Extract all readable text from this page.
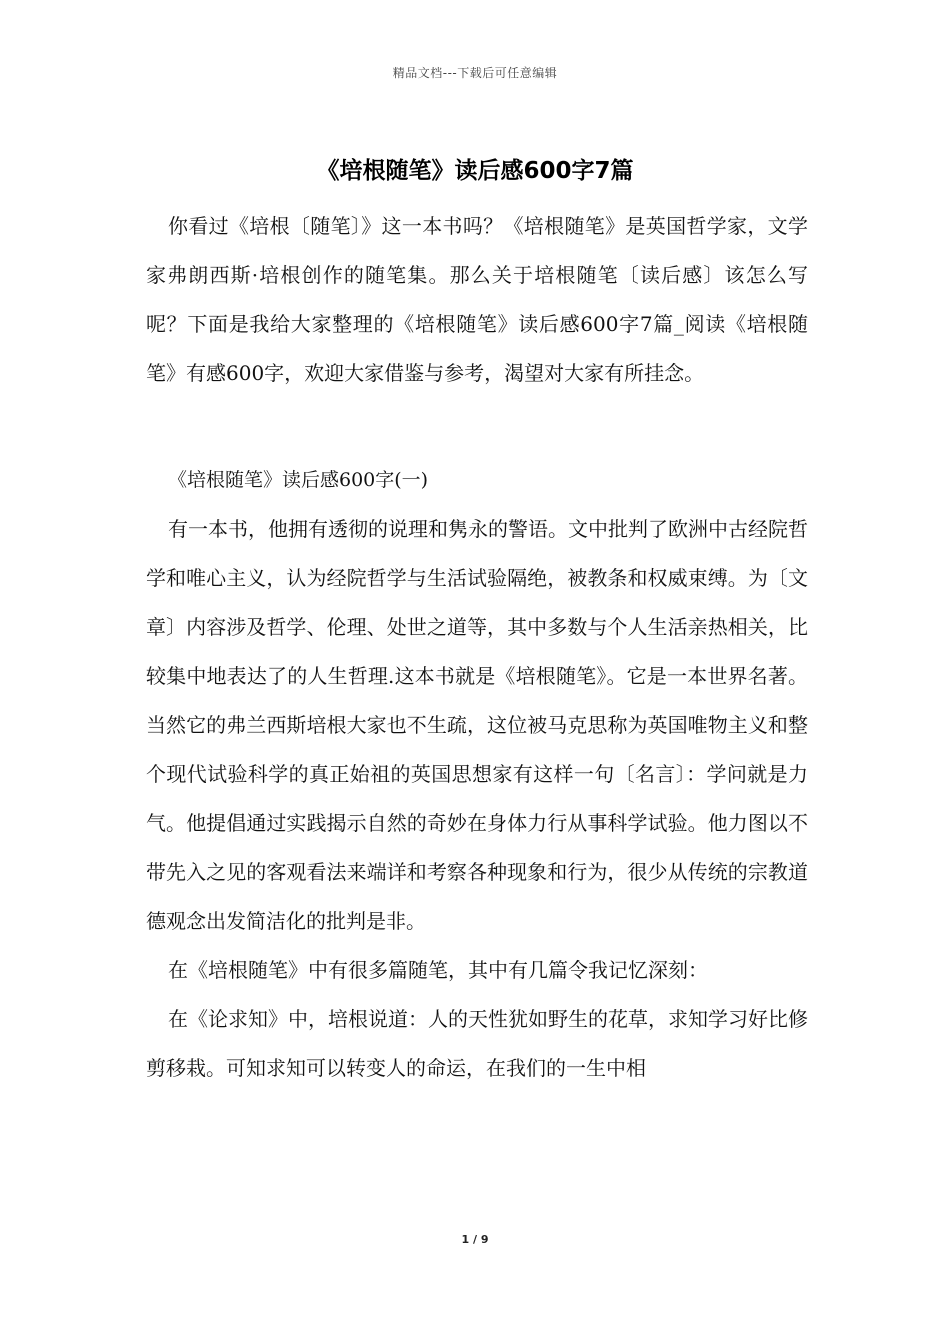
精品文档---下载后可任意编辑
《培根随笔》读后感600字7篇

你看过《培根〔随笔〕》这一本书吗？《培根随笔》是英国哲学家，文学家弗朗西斯·培根创作的随笔集。那么关于培根随笔〔读后感〕该怎么写呢？下面是我给大家整理的《培根随笔》读后感600字7篇_阅读《培根随笔》有感600字，欢迎大家借鉴与参考，渴望对大家有所挂念。

《培根随笔》读后感600字(一)

有一本书，他拥有透彻的说理和隽永的警语。文中批判了欧洲中古经院哲学和唯心主义，认为经院哲学与生活试验隔绝，被教条和权威束缚。为〔文章〕内容涉及哲学、伦理、处世之道等，其中多数与个人生活亲热相关，比较集中地表达了的人生哲理.这本书就是《培根随笔》。它是一本世界名著。当然它的弗兰西斯培根大家也不生疏，这位被马克思称为英国唯物主义和整个现代试验科学的真正始祖的英国思想家有这样一句〔名言〕：学问就是力气。他提倡通过实践揭示自然的奇妙在身体力行从事科学试验。他力图以不带先入之见的客观看法来端详和考察各种现象和行为，很少从传统的宗教道德观念出发简洁化的批判是非。

在《培根随笔》中有很多篇随笔，其中有几篇令我记忆深刻：

在《论求知》中，培根说道：人的天性犹如野生的花草，求知学习好比修剪移栽。可知求知可以转变人的命运，在我们的一生中相

1 / 9
